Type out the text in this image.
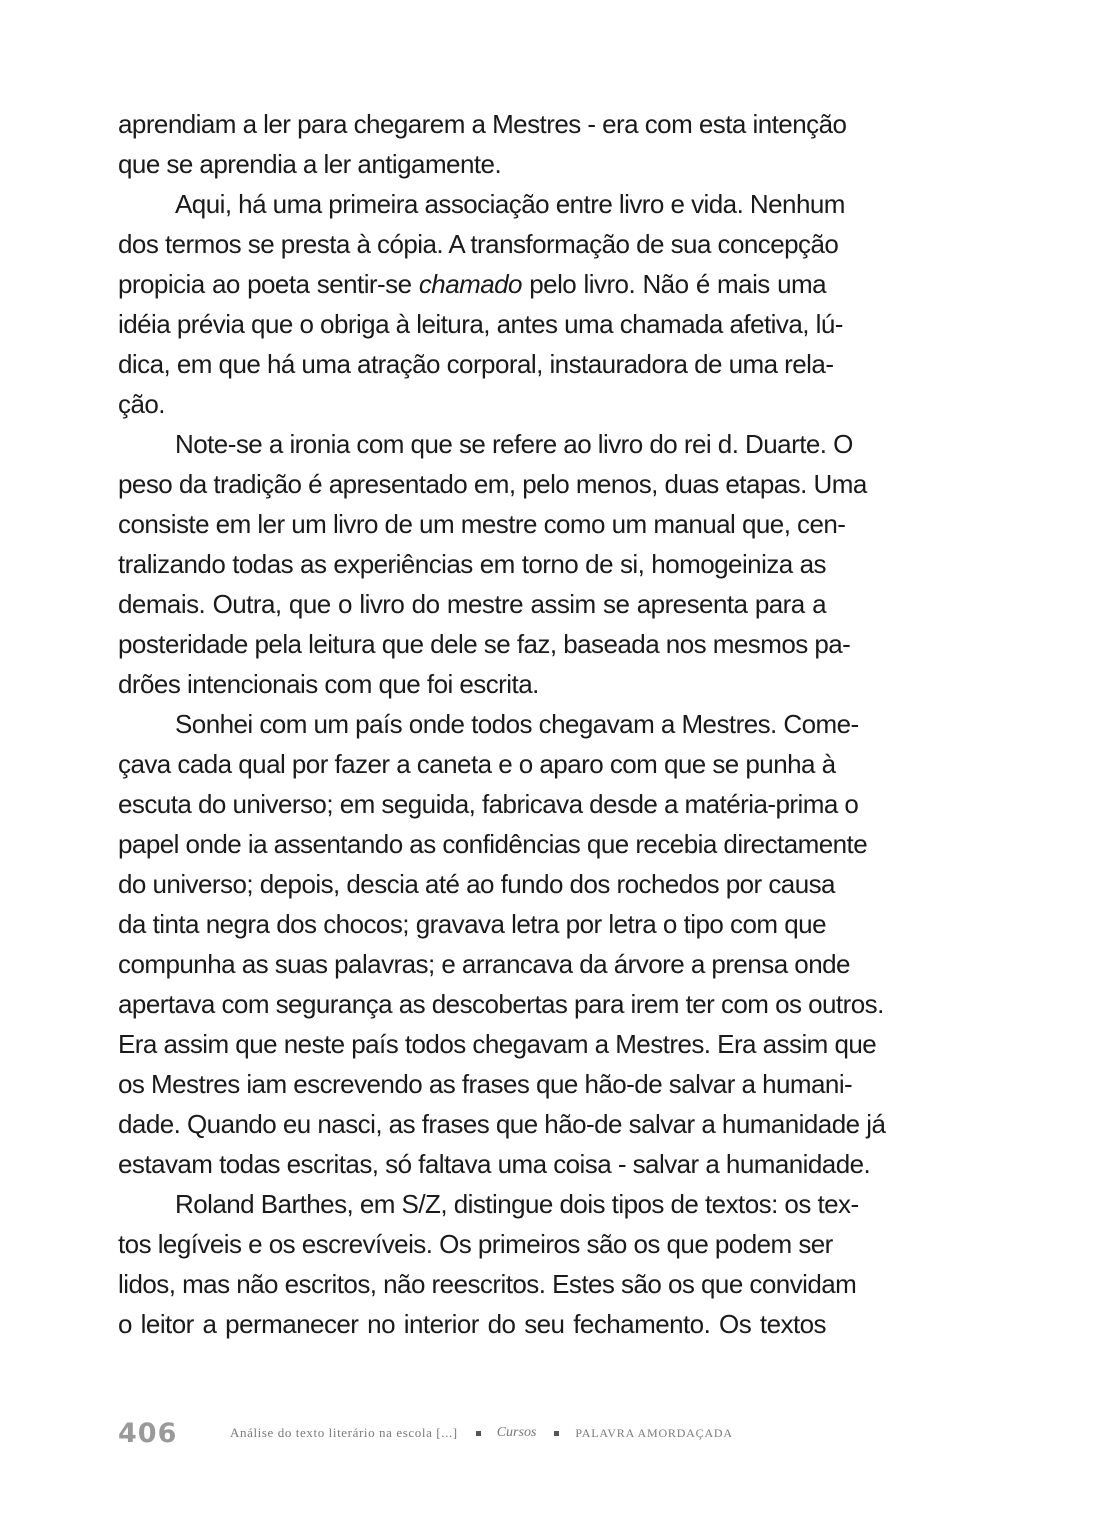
aprendiam a ler para chegarem a Mestres - era com esta intenção
que se aprendia a ler antigamente.
Aqui, há uma primeira associação entre livro e vida. Nenhum
dos termos se presta à cópia. A transformação de sua concepção
propicia ao poeta sentir-se chamado pelo livro. Não é mais uma
idéia prévia que o obriga à leitura, antes uma chamada afetiva, lú-
dica, em que há uma atração corporal, instauradora de uma rela-
ção.
Note-se a ironia com que se refere ao livro do rei d. Duarte. O
peso da tradição é apresentado em, pelo menos, duas etapas. Uma
consiste em ler um livro de um mestre como um manual que, cen-
tralizando todas as experiências em torno de si, homogeiniza as
demais. Outra, que o livro do mestre assim se apresenta para a
posteridade pela leitura que dele se faz, baseada nos mesmos pa-
drões intencionais com que foi escrita.
Sonhei com um país onde todos chegavam a Mestres. Come-
çava cada qual por fazer a caneta e o aparo com que se punha à
escuta do universo; em seguida, fabricava desde a matéria-prima o
papel onde ia assentando as confidências que recebia directamente
do universo; depois, descia até ao fundo dos rochedos por causa
da tinta negra dos chocos; gravava letra por letra o tipo com que
compunha as suas palavras; e arrancava da árvore a prensa onde
apertava com segurança as descobertas para irem ter com os outros.
Era assim que neste país todos chegavam a Mestres. Era assim que
os Mestres iam escrevendo as frases que hão-de salvar a humani-
dade. Quando eu nasci, as frases que hão-de salvar a humanidade já
estavam todas escritas, só faltava uma coisa - salvar a humanidade.
Roland Barthes, em S/Z, distingue dois tipos de textos: os tex-
tos legíveis e os escrevíveis. Os primeiros são os que podem ser
lidos, mas não escritos, não reescritos. Estes são os que convidam
o leitor a permanecer no interior do seu fechamento. Os textos
406	Análise do texto literário na escola [...]	Cursos	PALAVRA AMORDAÇADA
